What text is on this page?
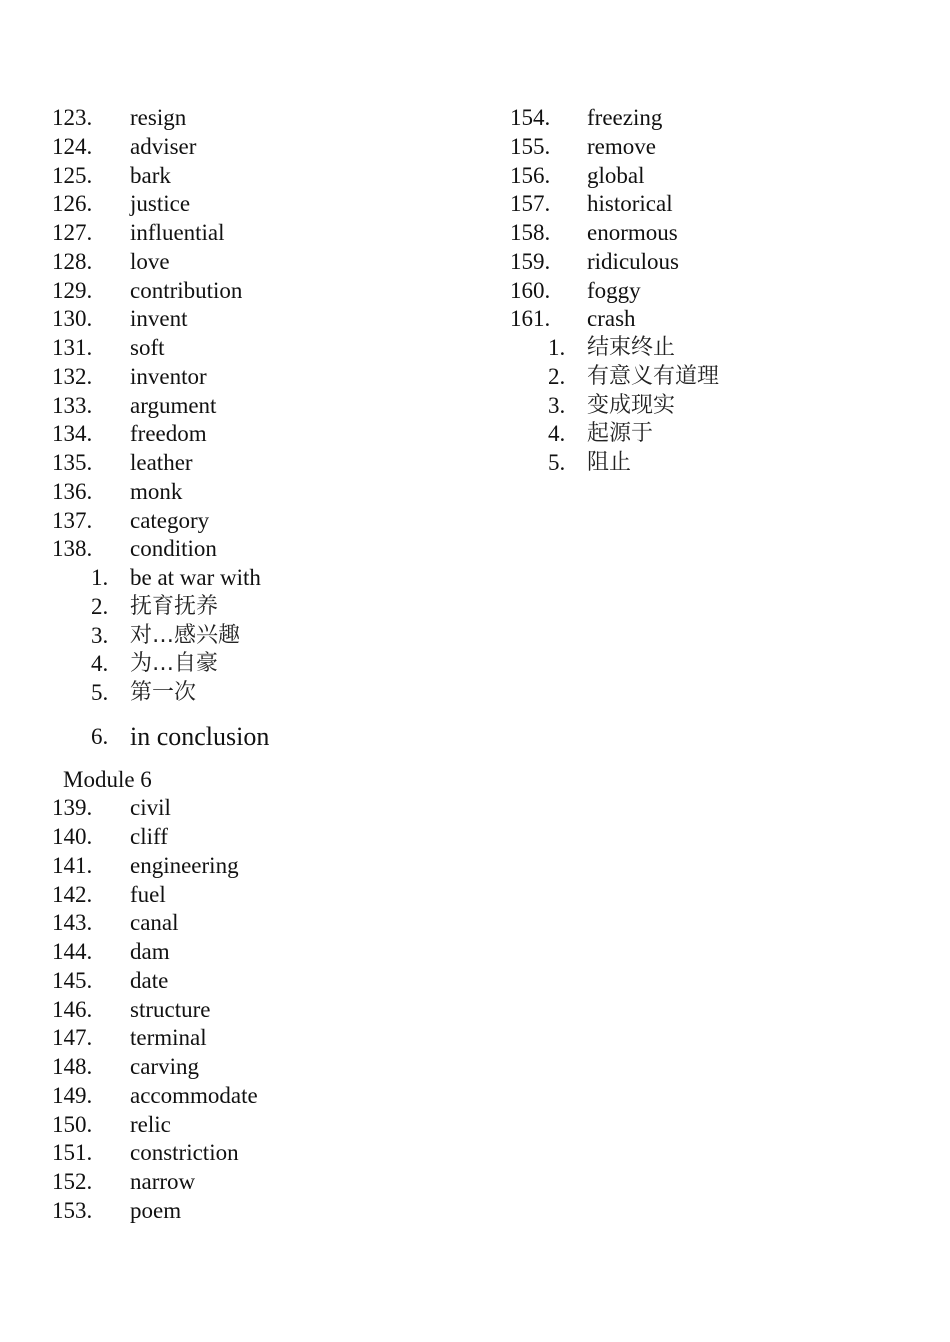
123. resign
124. adviser
125. bark
126. justice
127. influential
128. love
129. contribution
130. invent
131. soft
132. inventor
133. argument
134. freedom
135. leather
136. monk
137. category
138. condition
1. be at war with
2. 抚育抚养
3. 对…感兴趣
4. 为…自豪
5. 第一次
6. in conclusion
Module 6
139. civil
140. cliff
141. engineering
142. fuel
143. canal
144. dam
145. date
146. structure
147. terminal
148. carving
149. accommodate
150. relic
151. constriction
152. narrow
153. poem
154. freezing
155. remove
156. global
157. historical
158. enormous
159. ridiculous
160. foggy
161. crash
1. 结束终止
2. 有意义有道理
3. 变成现实
4. 起源于
5. 阻止
